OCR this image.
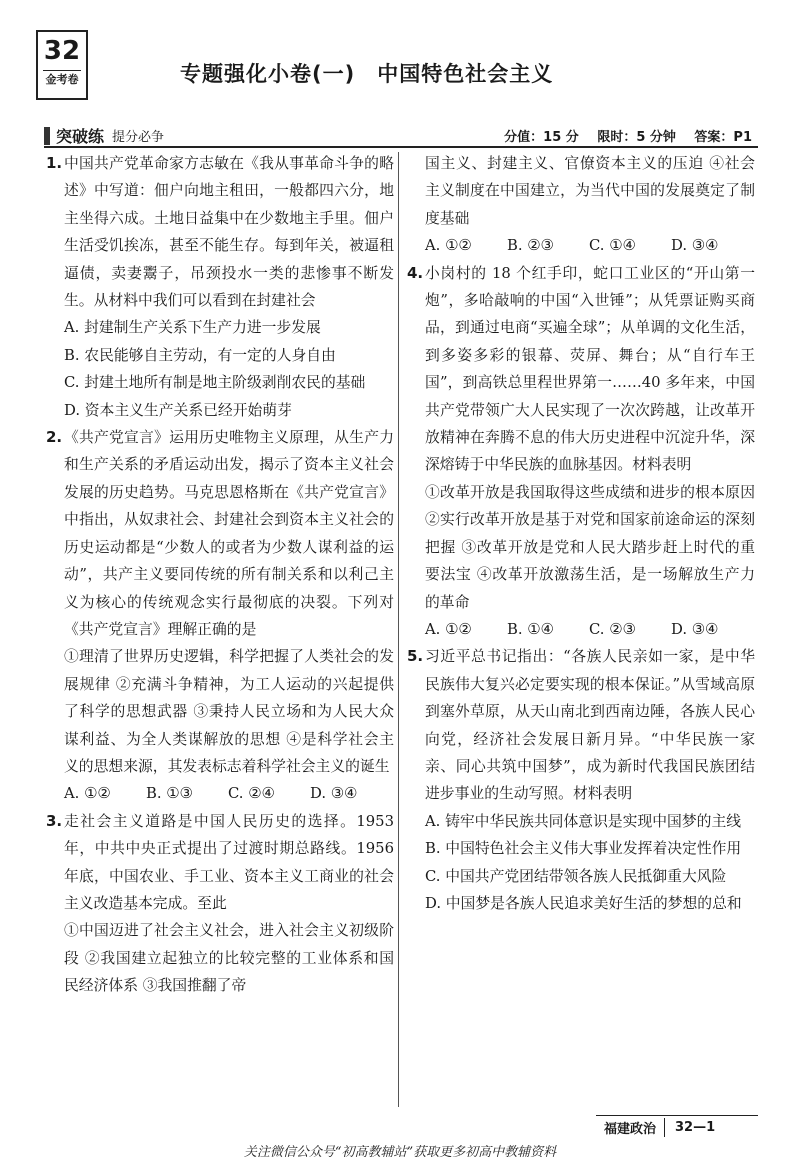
32
金考卷	专题强化小卷(一) 中国特色社会主义
突破练 提分必争	分值：15 分 限时：5 分钟 答案：P1
1. 中国共产党革命家方志敏在《我从事革命斗争的略述》中写道：佃户向地主租田，一般都四六分，地主坐得六成。土地日益集中在少数地主手里。佃户生活受饥挨冻，甚至不能生存。每到年关，被逼租逼债，卖妻鬻子，吊颈投水一类的悲惨事不断发生。从材料中我们可以看到在封建社会
A. 封建制生产关系下生产力进一步发展
B. 农民能够自主劳动，有一定的人身自由
C. 封建土地所有制是地主阶级剥削农民的基础
D. 资本主义生产关系已经开始萌芽
2. 《共产党宣言》运用历史唯物主义原理，从生产力和生产关系的矛盾运动出发，揭示了资本主义社会发展的历史趋势。马克思恩格斯在《共产党宣言》中指出，从奴隶社会、封建社会到资本主义社会的历史运动都是“少数人的或者为少数人谋利益的运动”，共产主义要同传统的所有制关系和以利己主义为核心的传统观念实行最彻底的决裂。下列对《共产党宣言》理解正确的是
①理清了世界历史逻辑，科学把握了人类社会的发展规律 ②充满斗争精神，为工人运动的兴起提供了科学的思想武器 ③秉持人民立场和为人民大众谋利益、为全人类谋解放的思想 ④是科学社会主义的思想来源，其发表标志着科学社会主义的诞生
A. ①②	B. ①③	C. ②④	D. ③④
3. 走社会主义道路是中国人民历史的选择。1953年，中共中央正式提出了过渡时期总路线。1956年底，中国农业、手工业、资本主义工商业的社会主义改造基本完成。至此
①中国迈进了社会主义社会，进入社会主义初级阶段 ②我国建立起独立的比较完整的工业体系和国民经济体系 ③我国推翻了帝
国主义、封建主义、官僚资本主义的压迫 ④社会主义制度在中国建立，为当代中国的发展奠定了制度基础
A. ①②	B. ②③	C. ①④	D. ③④
4. 小岗村的 18 个红手印，蛇口工业区的“开山第一炮”，多哈敲响的中国“入世锤”；从凭票证购买商品，到通过电商“买遍全球”；从单调的文化生活，到多姿多彩的银幕、荧屏、舞台；从“自行车王国”，到高铁总里程世界第一……40 多年来，中国共产党带领广大人民实现了一次次跨越，让改革开放精神在奔腾不息的伟大历史进程中沉淀升华，深深熔铸于中华民族的血脉基因。材料表明
①改革开放是我国取得这些成绩和进步的根本原因 ②实行改革开放是基于对党和国家前途命运的深刻把握 ③改革开放是党和人民大踏步赶上时代的重要法宝 ④改革开放激荡生活，是一场解放生产力的革命
A. ①②	B. ①④	C. ②③	D. ③④
5. 习近平总书记指出：“各族人民亲如一家，是中华民族伟大复兴必定要实现的根本保证。”从雪域高原到塞外草原，从天山南北到西南边陲，各族人民心向党，经济社会发展日新月异。“中华民族一家亲、同心共筑中国梦”，成为新时代我国民族团结进步事业的生动写照。材料表明
A. 铸牢中华民族共同体意识是实现中国梦的主线
B. 中国特色社会主义伟大事业发挥着决定性作用
C. 中国共产党团结带领各族人民抵御重大风险
D. 中国梦是各族人民追求美好生活的梦想的总和
福建政治	32—1
关注微信公众号“初高教辅站”获取更多初高中教辅资料
